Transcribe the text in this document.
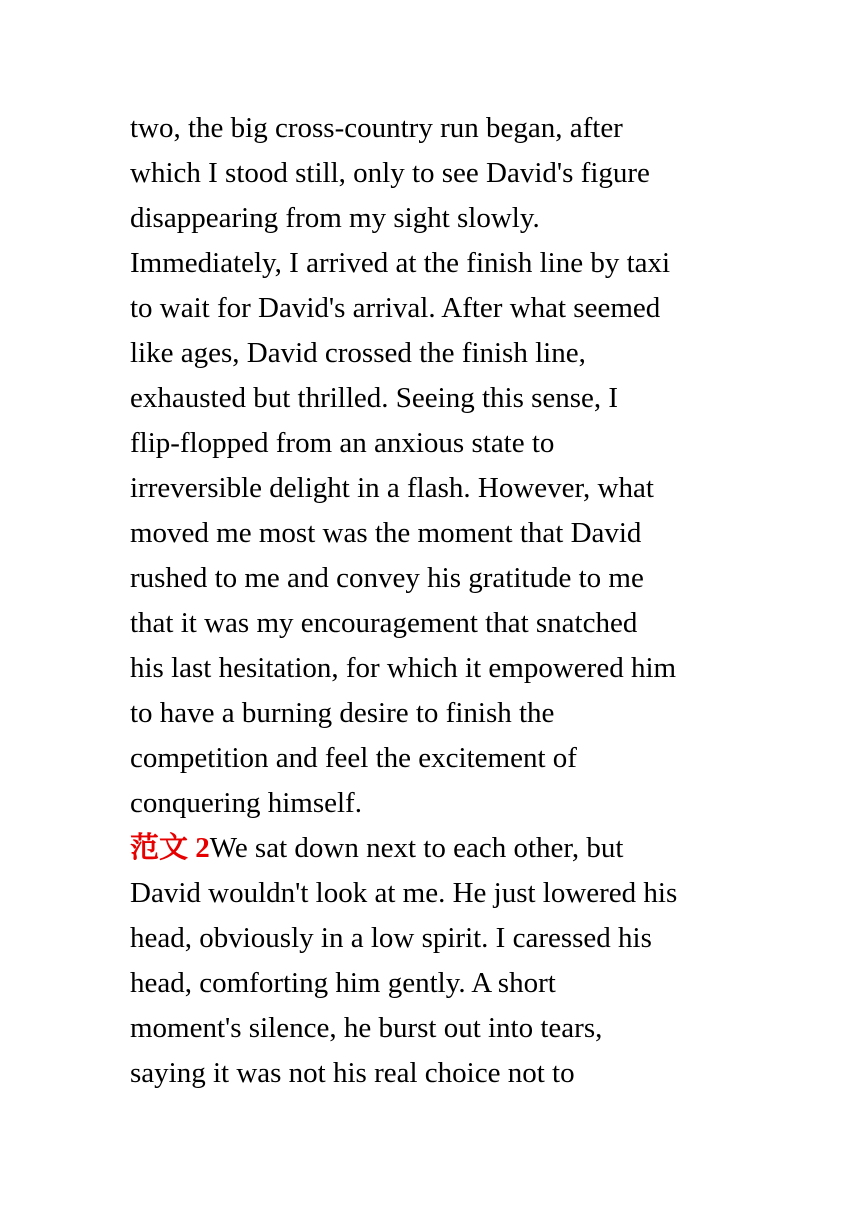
two, the big cross-country run began, after
which I stood still, only to see David's figure
disappearing from my sight slowly.
Immediately, I arrived at the finish line by taxi
to wait for David's arrival. After what seemed
like ages, David crossed the finish line,
exhausted but thrilled. Seeing this sense, I
flip-flopped from an anxious state to
irreversible delight in a flash. However, what
moved me most was the moment that David
rushed to me and convey his gratitude to me
that it was my encouragement that snatched
his last hesitation, for which it empowered him
to have a burning desire to finish the
competition and feel the excitement of
conquering himself.
范文 2We sat down next to each other, but
David wouldn't look at me. He just lowered his
head, obviously in a low spirit. I caressed his
head, comforting him gently. A short
moment's silence, he burst out into tears,
saying it was not his real choice not to
